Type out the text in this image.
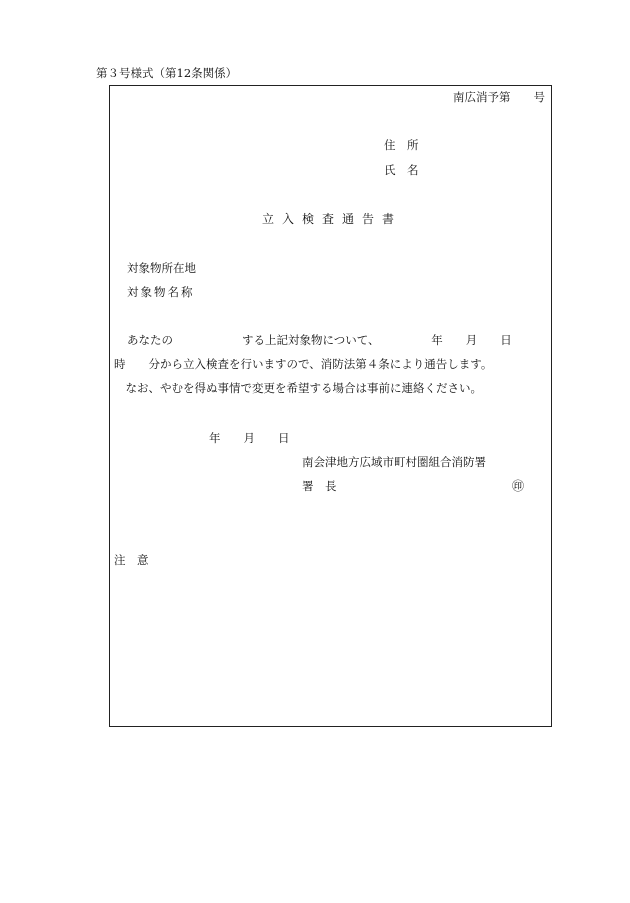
第３号様式（第12条関係）
南広消予第　　号
住　所
氏　名
立入検査通告書
対象物所在地
対象物名称
あなたの　　　　　　する上記対象物について、　　　　　年　　月　　日
時　　分から立入検査を行いますので、消防法第４条により通告します。
　なお、やむを得ぬ事情で変更を希望する場合は事前に連絡ください。
年　　月　　日
南会津地方広域市町村圏組合消防署
署　長	㊞
注　意
